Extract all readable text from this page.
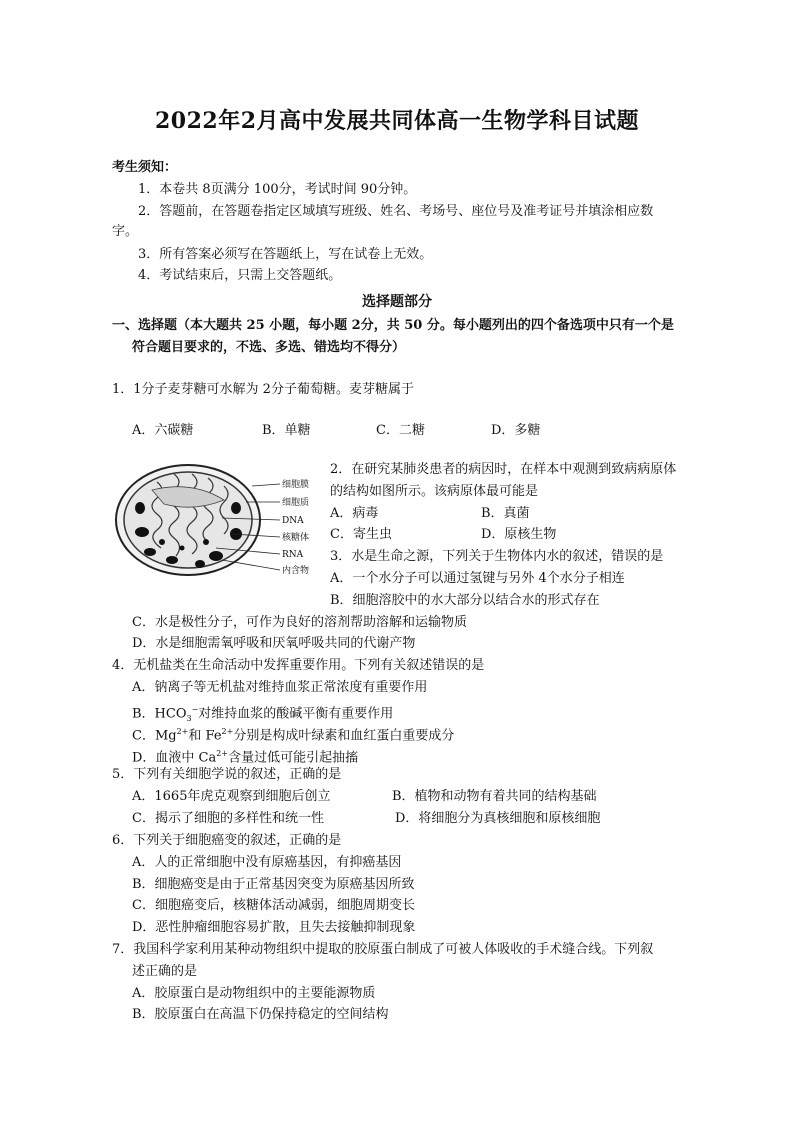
2022年2月高中发展共同体高一生物学科目试题
考生须知：
1．本卷共 8页满分 100分，考试时间 90分钟。
2．答题前，在答题卷指定区域填写班级、姓名、考场号、座位号及准考证号并填涂相应数
字。
3．所有答案必须写在答题纸上，写在试卷上无效。
4．考试结束后，只需上交答题纸。
选择题部分
一、选择题（本大题共 25 小题，每小题 2分，共 50 分。每小题列出的四个备选项中只有一个是
符合题目要求的，不选、多选、错选均不得分）
1．1分子麦芽糖可水解为 2分子葡萄糖。麦芽糖属于
A．六碳糖	B．单糖	C．二糖	D．多糖
细胞膜
细胞质
DNA
核糖体
RNA
内含物
2．在研究某肺炎患者的病因时，在样本中观测到致病病原体
的结构如图所示。该病原体最可能是
A．病毒	B．真菌
C．寄生虫	D．原核生物
3．水是生命之源，下列关于生物体内水的叙述，错误的是
A．一个水分子可以通过氢键与另外 4个水分子相连
B．细胞溶胶中的水大部分以结合水的形式存在
C．水是极性分子，可作为良好的溶剂帮助溶解和运输物质
D．水是细胞需氧呼吸和厌氧呼吸共同的代谢产物
4．无机盐类在生命活动中发挥重要作用。下列有关叙述错误的是
A．钠离子等无机盐对维持血浆正常浓度有重要作用
B．$HCO_3^-$对维持血浆的酸碱平衡有重要作用
C．$Mg^{2+}$和 $Fe^{2+}$分别是构成叶绿素和血红蛋白重要成分
D．血液中 $Ca^{2+}$含量过低可能引起抽搐
5．下列有关细胞学说的叙述，正确的是
A．1665年虎克观察到细胞后创立	B．植物和动物有着共同的结构基础
C．揭示了细胞的多样性和统一性	D．将细胞分为真核细胞和原核细胞
6．下列关于细胞癌变的叙述，正确的是
A．人的正常细胞中没有原癌基因，有抑癌基因
B．细胞癌变是由于正常基因突变为原癌基因所致
C．细胞癌变后，核糖体活动减弱，细胞周期变长
D．恶性肿瘤细胞容易扩散，且失去接触抑制现象
7．我国科学家利用某种动物组织中提取的胶原蛋白制成了可被人体吸收的手术缝合线。下列叙
述正确的是
A．胶原蛋白是动物组织中的主要能源物质
B．胶原蛋白在高温下仍保持稳定的空间结构
